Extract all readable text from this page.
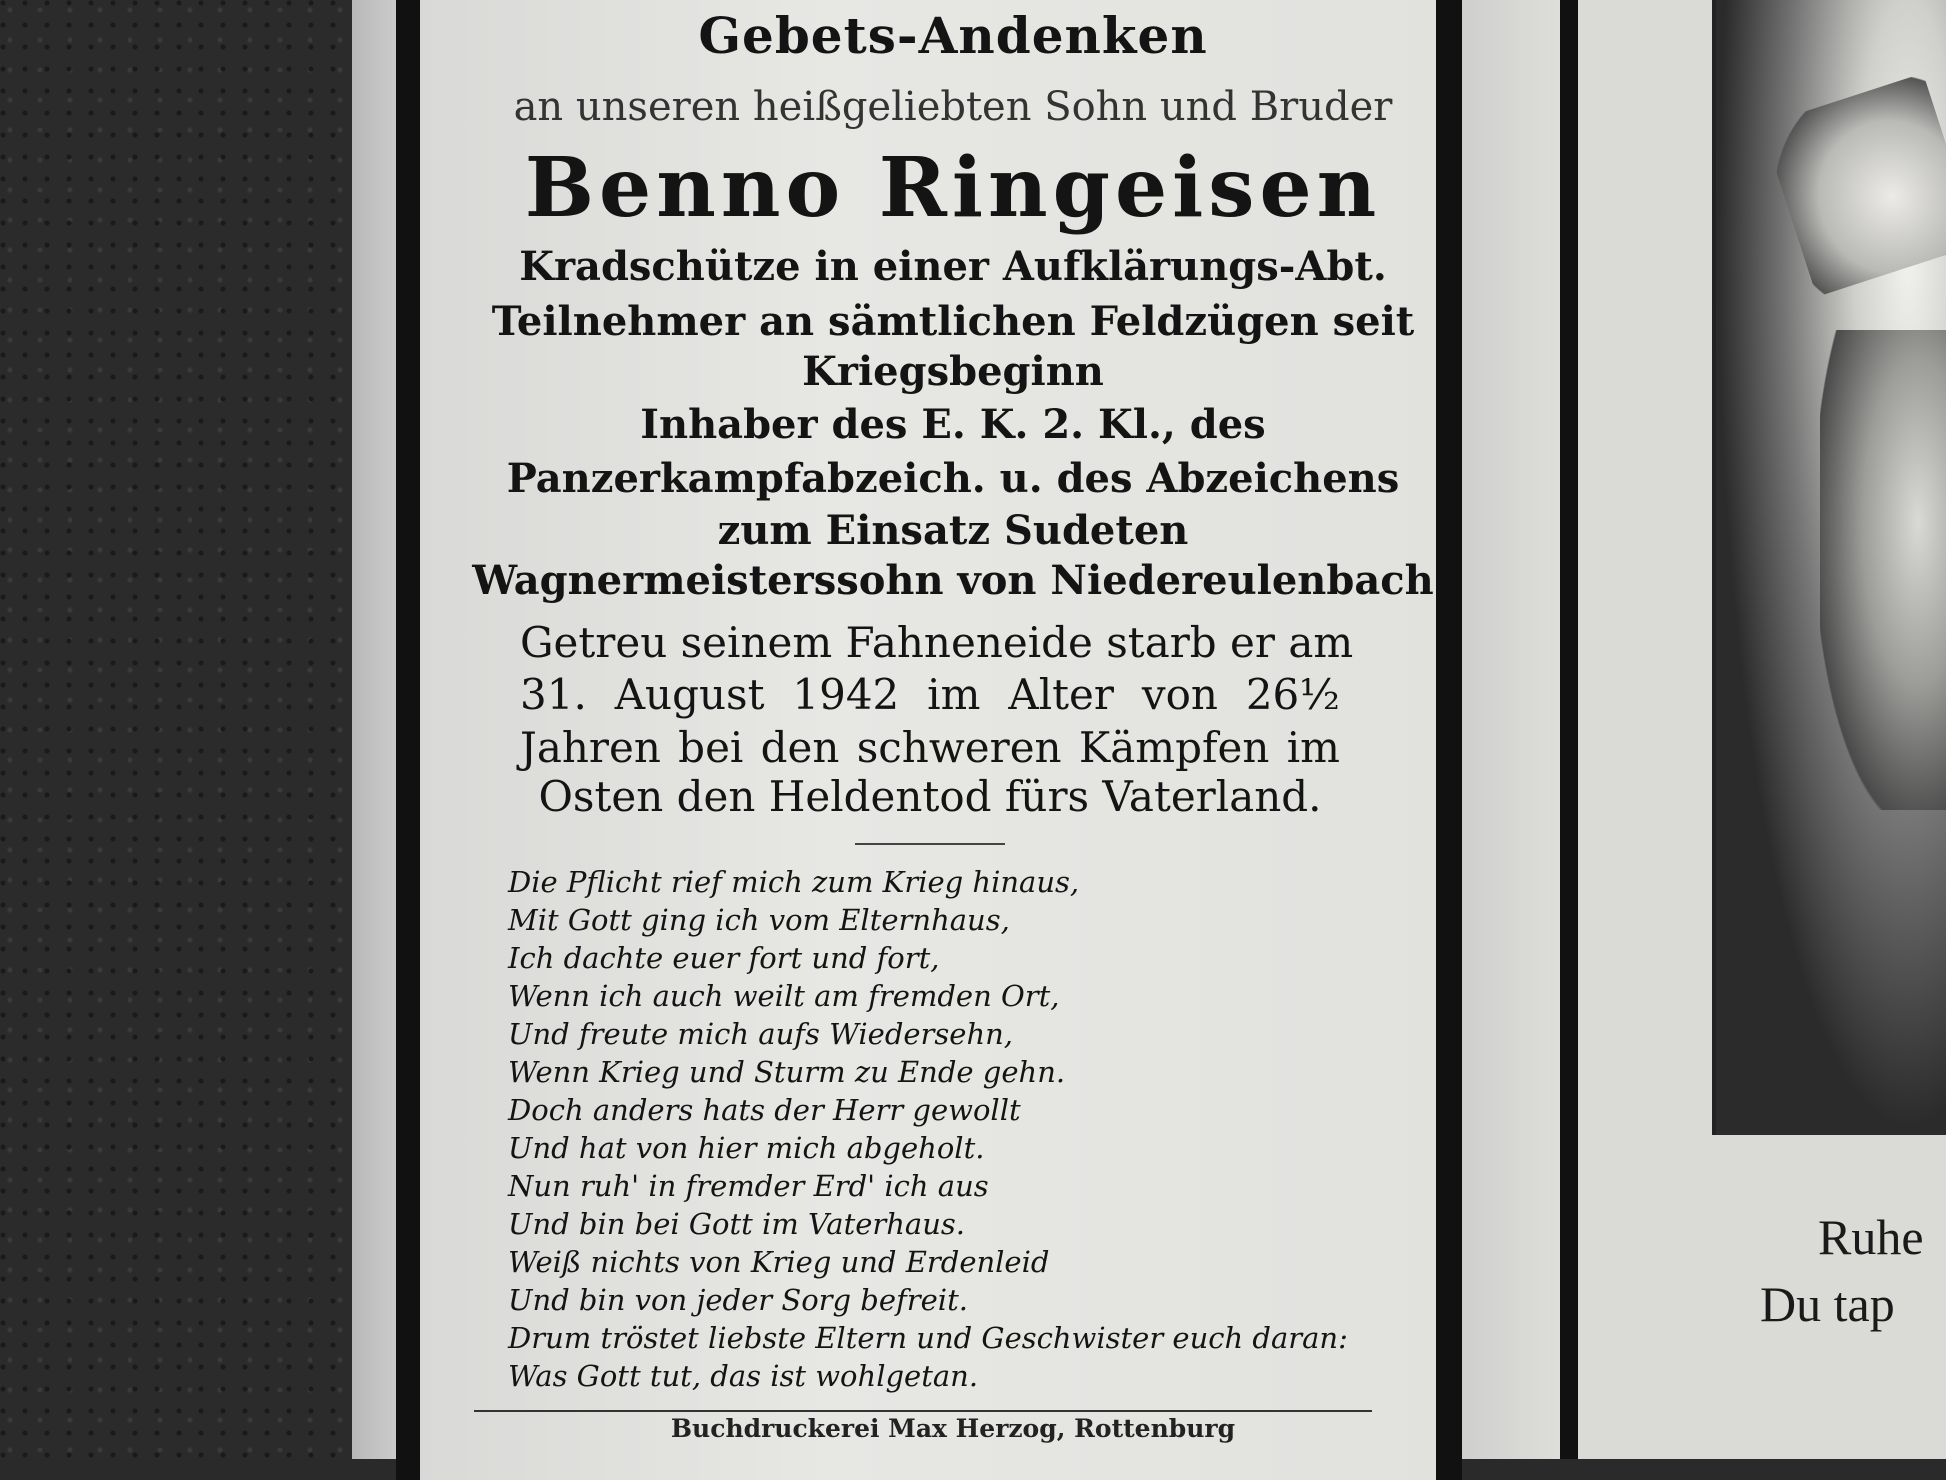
Gebets-Andenken
an unseren heißgeliebten Sohn und Bruder
Benno Ringeisen
Kradschütze in einer Aufklärungs-Abt.
Teilnehmer an sämtlichen Feldzügen seit
Kriegsbeginn
Inhaber des E. K. 2. Kl., des
Panzerkampfabzeich. u. des Abzeichens
zum Einsatz Sudeten
Wagnermeisterssohn von Niedereulenbach
Getreu seinem Fahneneide starb er am
31. August 1942 im Alter von 26½
Jahren bei den schweren Kämpfen im
Osten den Heldentod fürs Vaterland.
Die Pflicht rief mich zum Krieg hinaus,
Mit Gott ging ich vom Elternhaus,
Ich dachte euer fort und fort,
Wenn ich auch weilt am fremden Ort,
Und freute mich aufs Wiedersehn,
Wenn Krieg und Sturm zu Ende gehn.
Doch anders hats der Herr gewollt
Und hat von hier mich abgeholt.
Nun ruh' in fremder Erd' ich aus
Und bin bei Gott im Vaterhaus.
Weiß nichts von Krieg und Erdenleid
Und bin von jeder Sorg befreit.
Drum tröstet liebste Eltern und Geschwister euch daran:
Was Gott tut, das ist wohlgetan.
Buchdruckerei Max Herzog, Rottenburg
Ruhe
Du tap
